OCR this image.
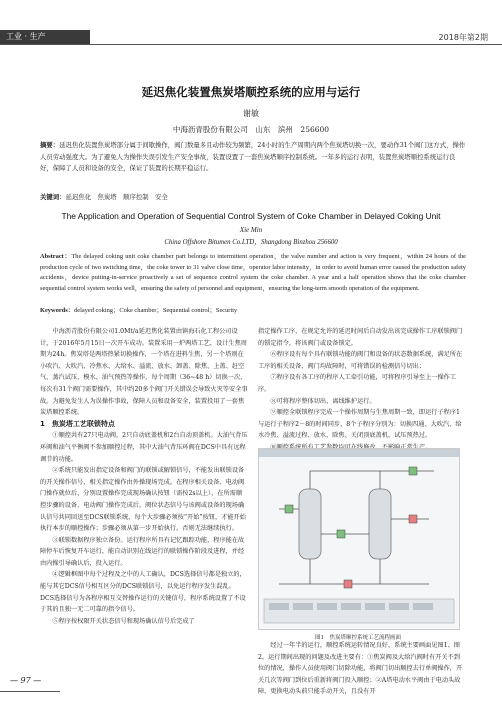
工业 · 生产	2018年第2期
延迟焦化装置焦炭塔顺控系统的应用与运行
谢敏
中海沥青股份有限公司　山东　滨州　256600
摘要：延迟焦化装置焦炭塔部分属于间歇操作，阀门数量多且动作较为频繁，24小时的生产周期内两个焦炭塔切换一次，要动作31个阀门这方式，操作人员劳动强度大。为了避免人为操作失误引发生产安全事故，装置设置了一套焦炭塔顺序控制系统。一年多的运行表明，装置焦炭塔顺控系统运行良好，保障了人员和设备的安全，保证了装置的长期平稳运行。
关键词：延迟焦化　焦炭塔　顺序控制　安全
The Application and Operation of Sequential Control System of Coke Chamber in Delayed Coking Unit
Xie Min
China Offshore Bitumen Co.LTD，Shangdong Binzhou 256600
Abstract：The delayed coking unit coke chamber part belongs to intermittent operation，the valve number and action is very frequent，within 24 hours of the production cycle of two switching time，the coke tower to 31 valve close time，operator labor intensity，in order to avoid human error caused the production safety accidents，device putting-in-service proactively a set of sequence control system the coke chamber. A year and a half operation shows that the coke chamber sequential control system works well，ensuring the safety of personnel and equipment，ensuring the long-term smooth operation of the equipment.
Keywords：delayed coking；Coke chamber；Sequential control；Security

中海沥青股份有限公司1.0Mt/a延迟焦化装置由镇海石化工程公司设计，于2016年5月15日一次开车成功。装置采用一炉两塔工艺，设计生焦周期为24h。焦炭塔是两塔热紧切换操作，一个塔在进料生焦，另一个塔则在小吹汽、大吹汽、冷焦水、大给水、溢流、放水、卸盖、除焦、上盖、赶空气、蒸汽试压、模水、油气预热等操作，每个周期（36~48 h）切换一次，每次有31个阀门需要操作，其中约20多个阀门开关错误会导致火灾等安全事故。为避免发生人为误操作事故，保障人员和设备安全，装置投用了一套焦炭塔顺控系统。

1　焦炭塔工艺联锁特点

①顺控共有27只电动阀，2只自动底盖机和2台自动顶盖机。大油气背压环阀和油气平衡阀不参加顺控过程，其中大油气背压环阀在DCS中具有远程调节的功能。

②系统只能发出指定设备和阀门的联锁或解锁信号，不能发出联锁设备的开关操作信号，相关指定操作由外操现场完成。在程序相关设备、电动阀门操作就位后，分别设置操作完成现场确认按钮（需按2s以上），在所需顺控步骤的设备、电动阀门操作完成后，阀位状态信号与该阀或设备的现场确认信号共同回送至DCS联锁系统，每个大步骤必须按“开始”按钮，才能开始执行本步的顺控操作；步骤必须从第一步开始执行，否则无法继续执行。

③联锁数据程序独立备份。运行程序所具有记忆跟踪功能，程序能在故障停车后恢复开车运行，能自动识别在线运行的联锁操作阶段及进程，并经由内操引导确认后，投入运行。

④逻辑框图中每个过程及之中的人工确认，DCS选择信号都是独立的，能与其它DCS信号相互区分的DCS联锁信号，以免运行程序发生混乱。DCS选择信号为各程序相互交替操作运行的关键信号，程序系统设置了不设于其的且独一无二可靠的指令信号。

⑤程序按权限开关状态信号和现场确认信号后完成了

指定操作工序，在规定允许的延迟时间后自动发出该完成操作工序联锁阀门的锁定指令，将该阀门或设备锁定。

⑥程序设有每个具有联锁功能的阀门和设备的状态数据系统，满足所在工序的相关设备、阀门均故障时，可将错误的检测信号切出；

⑦程序设有各工序的程序人工牵引功能，可将程序引导至上一操作工序。

⑧可将程序整体切出，离线维护运行。

⑨顺控全联锁程序完成一个操作周期与生焦周期一致，即运行子程序1与运行子程序2－8的时间同步，8个子程序分别为：切换四通、大吹汽、给水冷焦、溢流过程、放水、除焦、关闭顶底盖机、试压预热过。

图1　焦炭塔顺控系统工艺流程画面
经过一年半的运行，顺控系统运转情况良好，系统主要画面见图1、图2。运行期间出现的问题及改进主要有：①焦炭阀及大给汽阀时有开关不到位的情况，操作人员使用阀门切除功能，将阀门切出顺控去行单阀操作，开关几次等阀门到位后重新将阀门投入顺控；②A塔电动水平阀由于电动头故障，更换电动头前只能手动开关，且没有开
— 97 —
